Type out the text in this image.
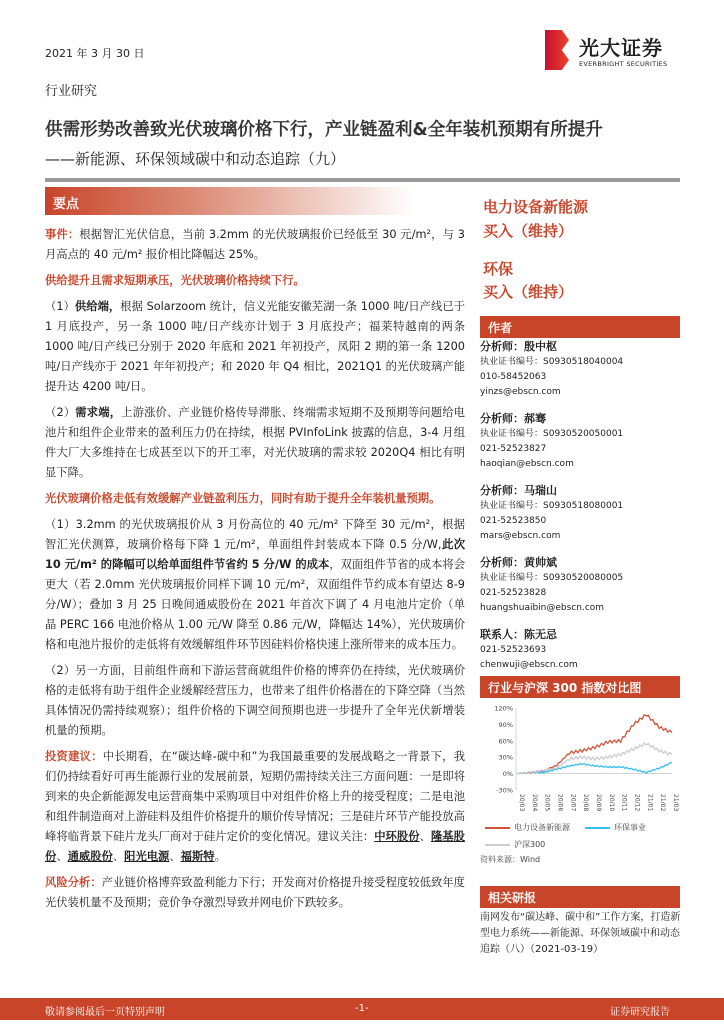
2021 年 3 月 30 日	光大证券
EVERBRIGHT SECURITIES
行业研究
供需形势改善致光伏玻璃价格下行，产业链盈利&全年装机预期有所提升
——新能源、环保领域碳中和动态追踪（九）
要点

事件：根据智汇光伏信息，当前 3.2mm 的光伏玻璃报价已经低至 30 元/m²，与 3 月高点的 40 元/m² 报价相比降幅达 25%。

供给提升且需求短期承压，光伏玻璃价格持续下行。

（1）供给端，根据 Solarzoom 统计，信义光能安徽芜湖一条 1000 吨/日产线已于 1 月底投产，另一条 1000 吨/日产线亦计划于 3 月底投产；福莱特越南的两条 1000 吨/日产线已分别于 2020 年底和 2021 年初投产，凤阳 2 期的第一条 1200 吨/日产线亦于 2021 年年初投产；和 2020 年 Q4 相比，2021Q1 的光伏玻璃产能提升达 4200 吨/日。

（2）需求端，上游涨价、产业链价格传导滞胀、终端需求短期不及预期等问题给电池片和组件企业带来的盈利压力仍在持续，根据 PVInfoLink 披露的信息，3-4 月组件大厂大多维持在七成甚至以下的开工率，对光伏玻璃的需求较 2020Q4 相比有明显下降。

光伏玻璃价格走低有效缓解产业链盈利压力，同时有助于提升全年装机量预期。

（1）3.2mm 的光伏玻璃报价从 3 月份高位的 40 元/m² 下降至 30 元/m²，根据智汇光伏测算，玻璃价格每下降 1 元/m²，单面组件封装成本下降 0.5 分/W,此次 10 元/m² 的降幅可以给单面组件节省约 5 分/W 的成本，双面组件节省的成本将会更大（若 2.0mm 光伏玻璃报价同样下调 10 元/m²，双面组件节约成本有望达 8-9 分/W）；叠加 3 月 25 日晚间通威股份在 2021 年首次下调了 4 月电池片定价（单晶 PERC 166 电池价格从 1.00 元/W 降至 0.86 元/W，降幅达 14%），光伏玻璃价格和电池片报价的走低将有效缓解组件环节因硅料价格快速上涨所带来的成本压力。

（2）另一方面，目前组件商和下游运营商就组件价格的博弈仍在持续，光伏玻璃价格的走低将有助于组件企业缓解经营压力，也带来了组件价格潜在的下降空降（当然具体情况仍需持续观察）；组件价格的下调空间预期也进一步提升了全年光伏新增装机量的预期。

投资建议：中长期看，在“碳达峰-碳中和”为我国最重要的发展战略之一背景下，我们仍持续看好可再生能源行业的发展前景，短期仍需持续关注三方面问题：一是即将到来的央企新能源发电运营商集中采购项目中对组件价格上升的接受程度；二是电池和组件制造商对上游硅料及组件价格提升的顺价传导情况；三是硅片环节产能投放高峰将临背景下硅片龙头厂商对于硅片定价的变化情况。建议关注：中环股份、隆基股份、通威股份、阳光电源、福斯特。

风险分析：产业链价格博弈致盈利能力下行；开发商对价格提升接受程度较低致年度光伏装机量不及预期；竞价争夺激烈导致并网电价下跌较多。

电力设备新能源
买入（维持）
环保
买入（维持）
作者
分析师：殷中枢
执业证书编号：S0930518040004
010-58452063
yinzs@ebscn.com
分析师：郝骞
执业证书编号：S0930520050001
021-52523827
haoqian@ebscn.com
分析师：马瑞山
执业证书编号：S0930518080001
021-52523850
mars@ebscn.com
分析师：黄帅斌
执业证书编号：S0930520080005
021-52523828
huangshuaibin@ebscn.com
联系人：陈无忌
021-52523693
chenwuji@ebscn.com
行业与沪深 300 指数对比图
120%
90%
60%
30%
0%
-30%
20/03 20/04 20/05 20/06 20/07 20/08 20/09 20/10 20/11 20/12 21/01 21/02 21/03
电力设备新能源	环保事业
沪深300
资料来源：Wind
相关研报
南网发布“碳达峰、碳中和”工作方案，打造新型电力系统——新能源、环保领域碳中和动态追踪（八）（2021-03-19）
敬请参阅最后一页特别声明	-1-	证券研究报告
